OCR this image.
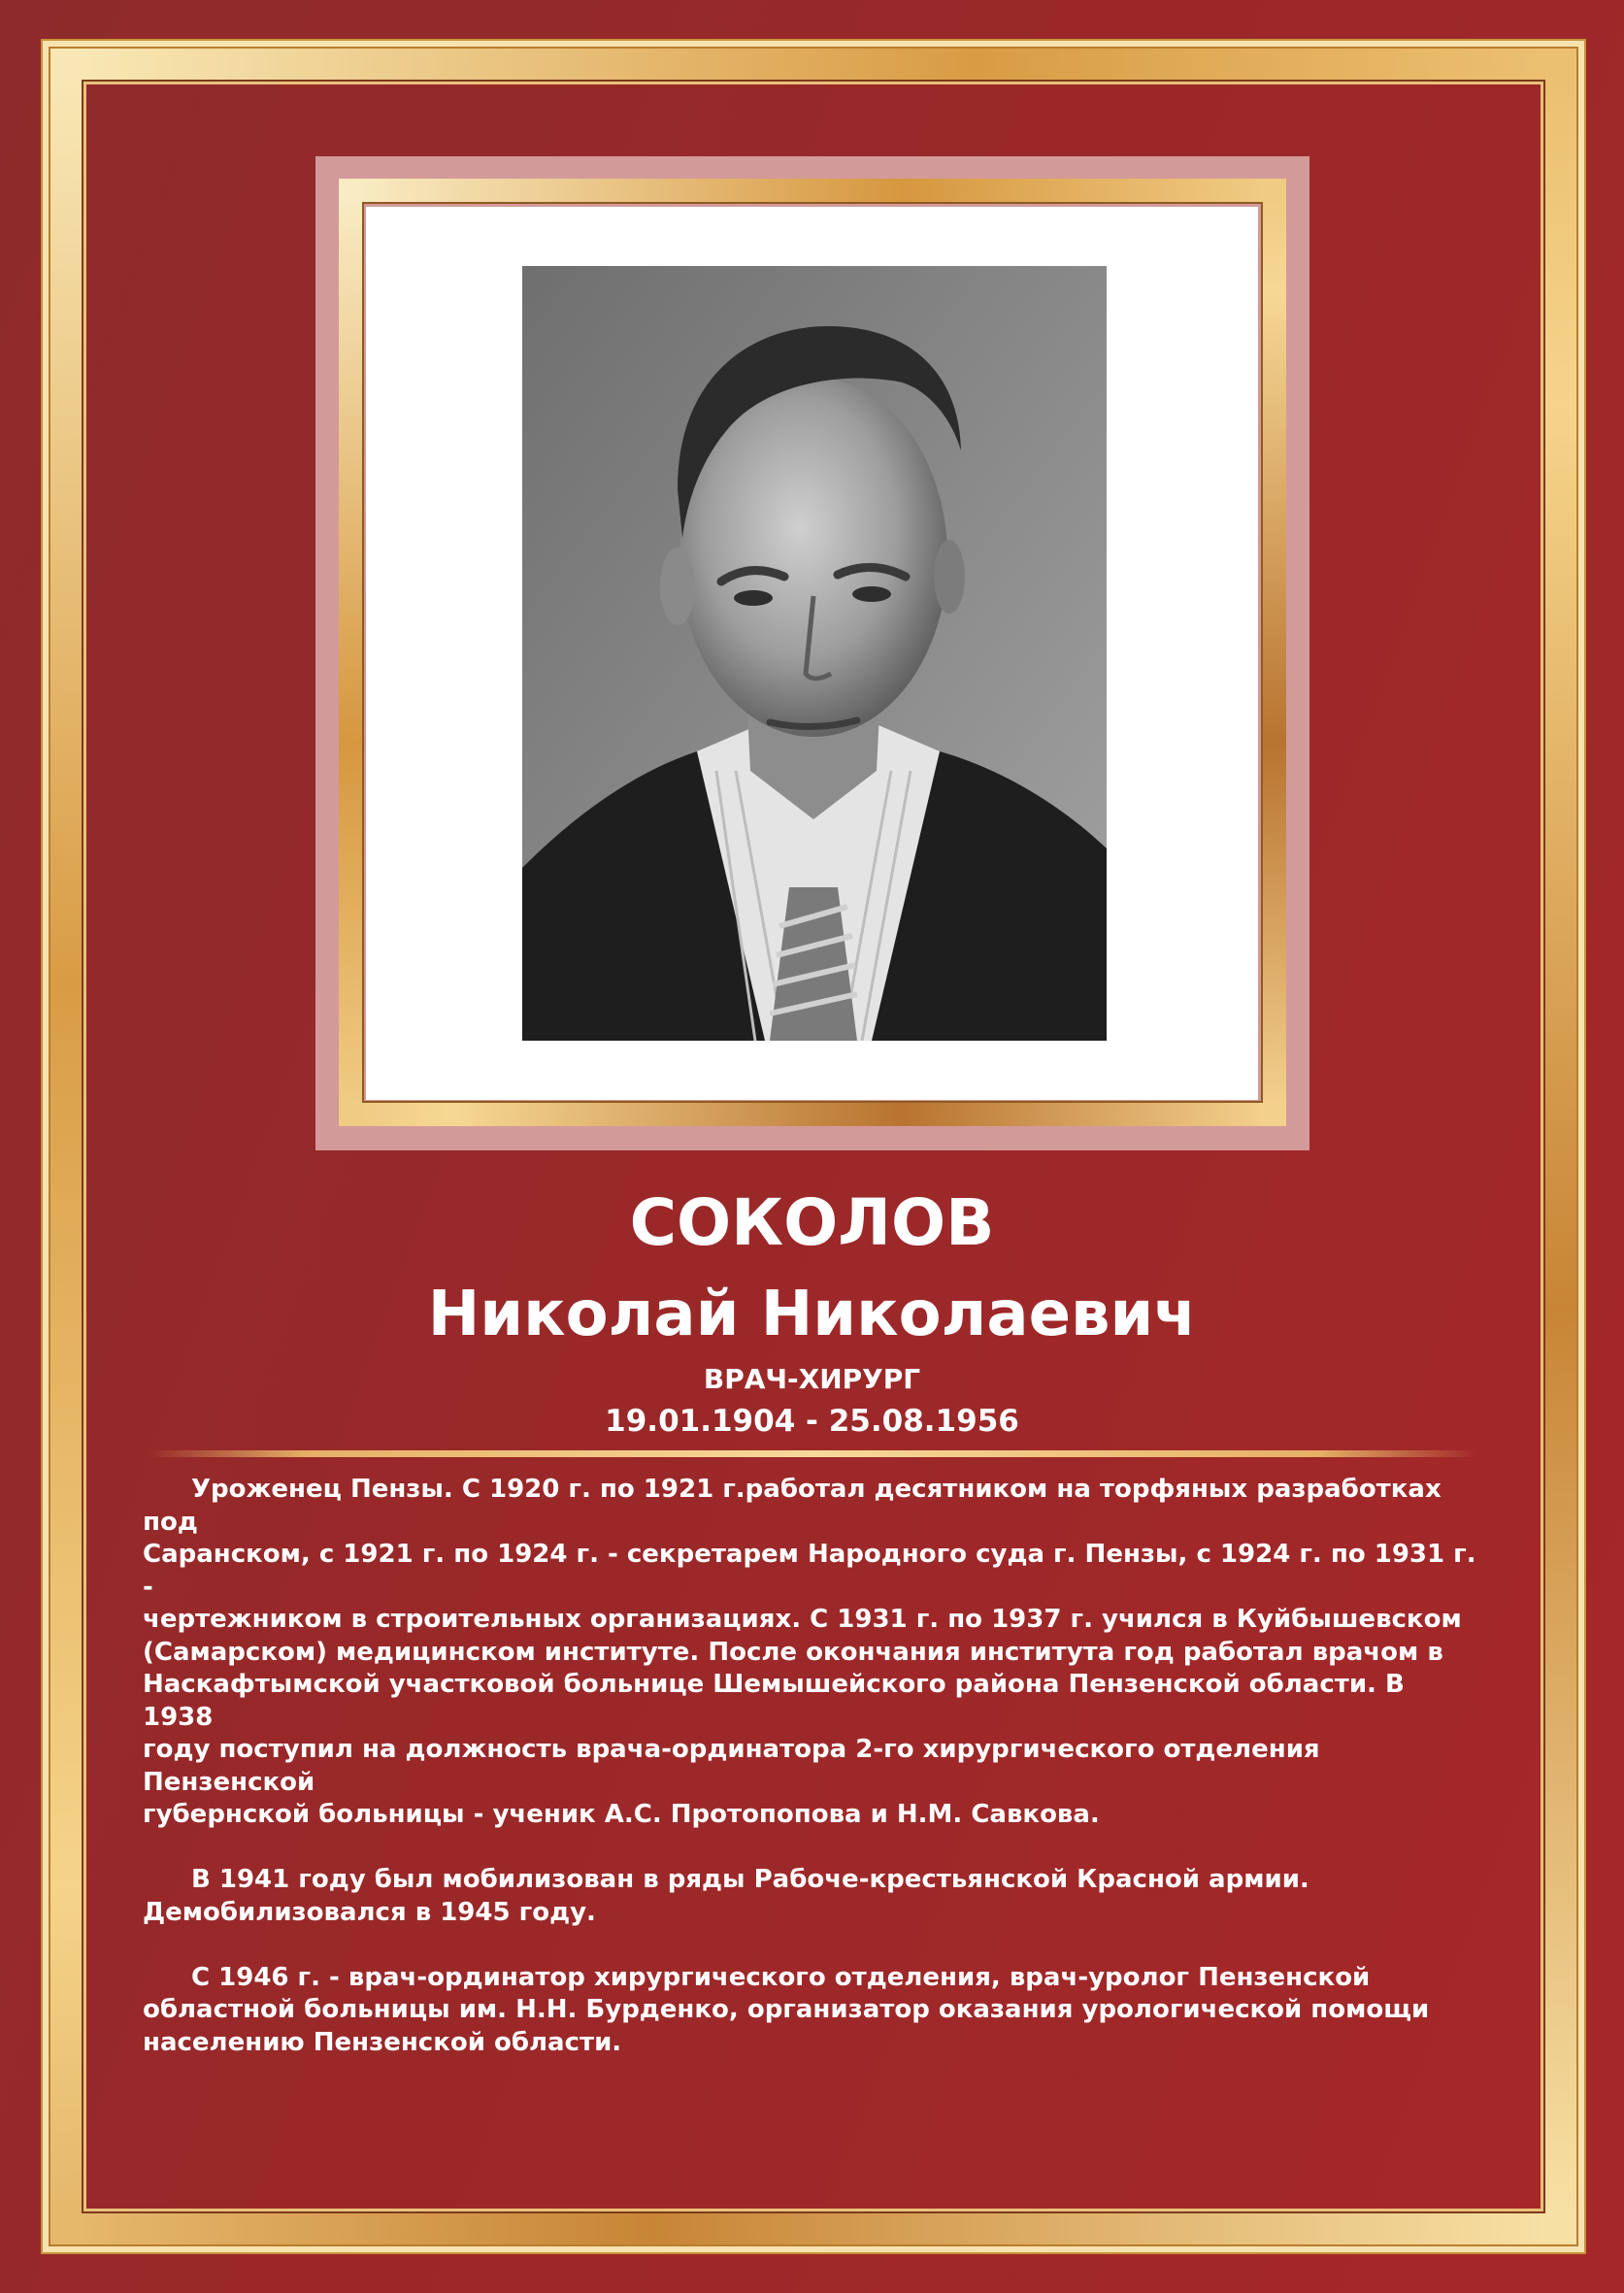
СОКОЛОВ
Николай Николаевич
ВРАЧ-ХИРУРГ
19.01.1904 - 25.08.1956

Уроженец Пензы. С 1920 г. по 1921 г.работал десятником на торфяных разработках под
Саранском, с 1921 г. по 1924 г. - секретарем Народного суда г. Пензы, с 1924 г. по 1931 г. -
чертежником в строительных организациях. С 1931 г. по 1937 г. учился в Куйбышевском
(Самарском) медицинском институте. После окончания института год работал врачом в
Наскафтымской участковой больнице Шемышейского района Пензенской области. В 1938
году поступил на должность врача-ординатора 2-го хирургического отделения Пензенской
губернской больницы - ученик А.С. Протопопова и Н.М. Савкова.

В 1941 году был мобилизован в ряды Рабоче-крестьянской Красной армии.
Демобилизовался в 1945 году.

С 1946 г. - врач-ординатор хирургического отделения, врач-уролог Пензенской
областной больницы им. Н.Н. Бурденко, организатор оказания урологической помощи
населению Пензенской области.
